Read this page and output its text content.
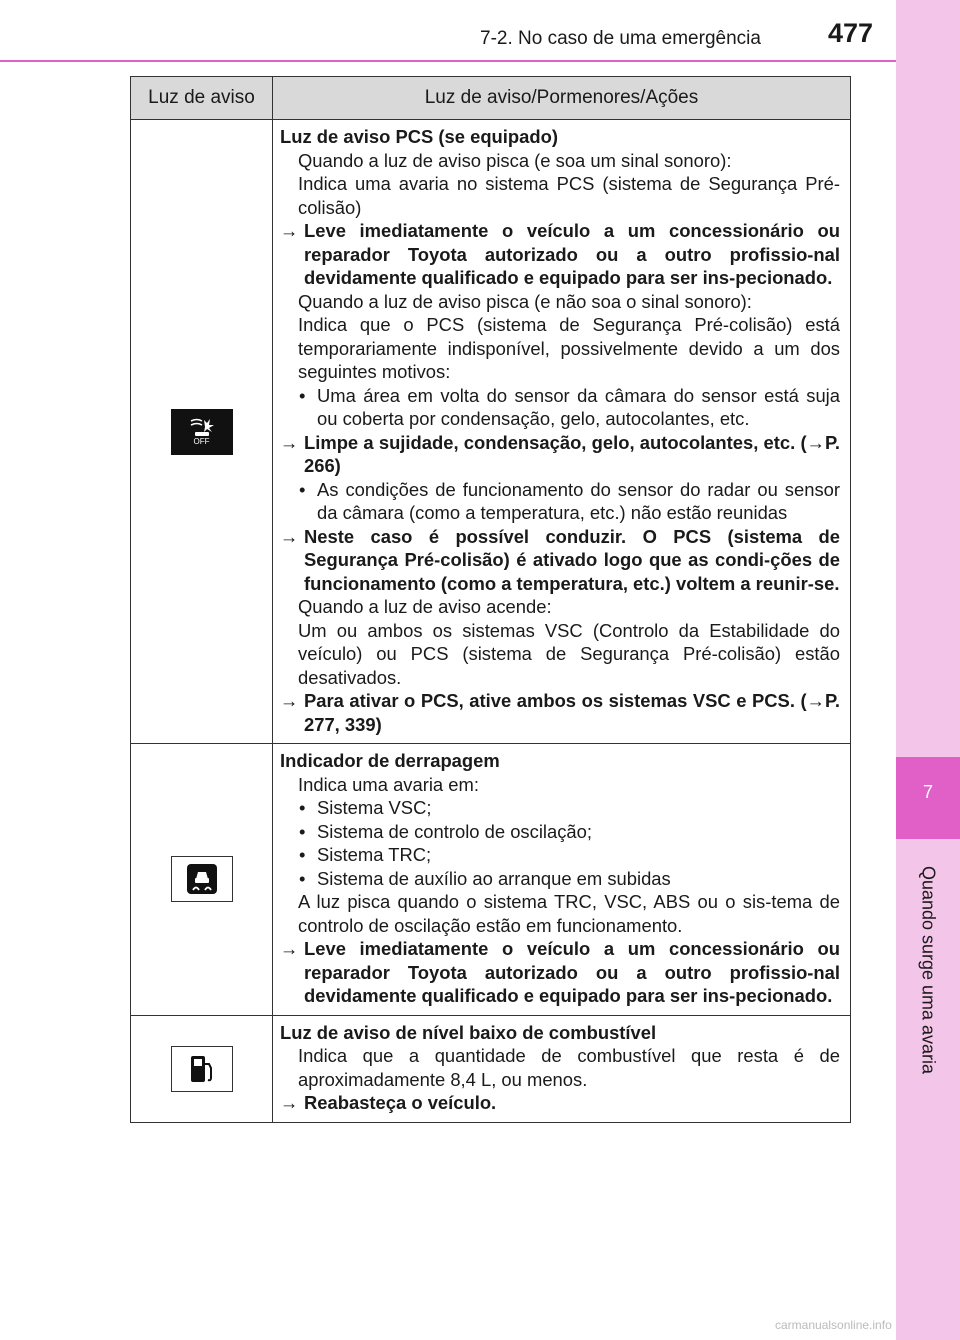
7-2. No caso de uma emergência 477
7
Quando surge uma avaria
Luz de aviso	Luz de aviso/Pormenores/Ações
OFF
Luz de aviso PCS (se equipado)
Quando a luz de aviso pisca (e soa um sinal sonoro):
Indica uma avaria no sistema PCS (sistema de Segurança Pré-colisão)
→ Leve imediatamente o veículo a um concessionário ou reparador Toyota autorizado ou a outro profissio-nal devidamente qualificado e equipado para ser ins-pecionado.
Quando a luz de aviso pisca (e não soa o sinal sonoro):
Indica que o PCS (sistema de Segurança Pré-colisão) está temporariamente indisponível, possivelmente devido a um dos seguintes motivos:
• Uma área em volta do sensor da câmara do sensor está suja ou coberta por condensação, gelo, autocolantes, etc.
→ Limpe a sujidade, condensação, gelo, autocolantes, etc. (→P. 266)
• As condições de funcionamento do sensor do radar ou sensor da câmara (como a temperatura, etc.) não estão reunidas
→ Neste caso é possível conduzir. O PCS (sistema de Segurança Pré-colisão) é ativado logo que as condi-ções de funcionamento (como a temperatura, etc.) voltem a reunir-se.
Quando a luz de aviso acende:
Um ou ambos os sistemas VSC (Controlo da Estabilidade do veículo) ou PCS (sistema de Segurança Pré-colisão) estão desativados.
→ Para ativar o PCS, ative ambos os sistemas VSC e PCS. (→P. 277, 339)
Indicador de derrapagem
Indica uma avaria em:
• Sistema VSC;
• Sistema de controlo de oscilação;
• Sistema TRC;
• Sistema de auxílio ao arranque em subidas
A luz pisca quando o sistema TRC, VSC, ABS ou o sis-tema de controlo de oscilação estão em funcionamento.
→ Leve imediatamente o veículo a um concessionário ou reparador Toyota autorizado ou a outro profissio-nal devidamente qualificado e equipado para ser ins-pecionado.
Luz de aviso de nível baixo de combustível
Indica que a quantidade de combustível que resta é de aproximadamente 8,4 L, ou menos.
→ Reabasteça o veículo.
carmanualsonline.info
